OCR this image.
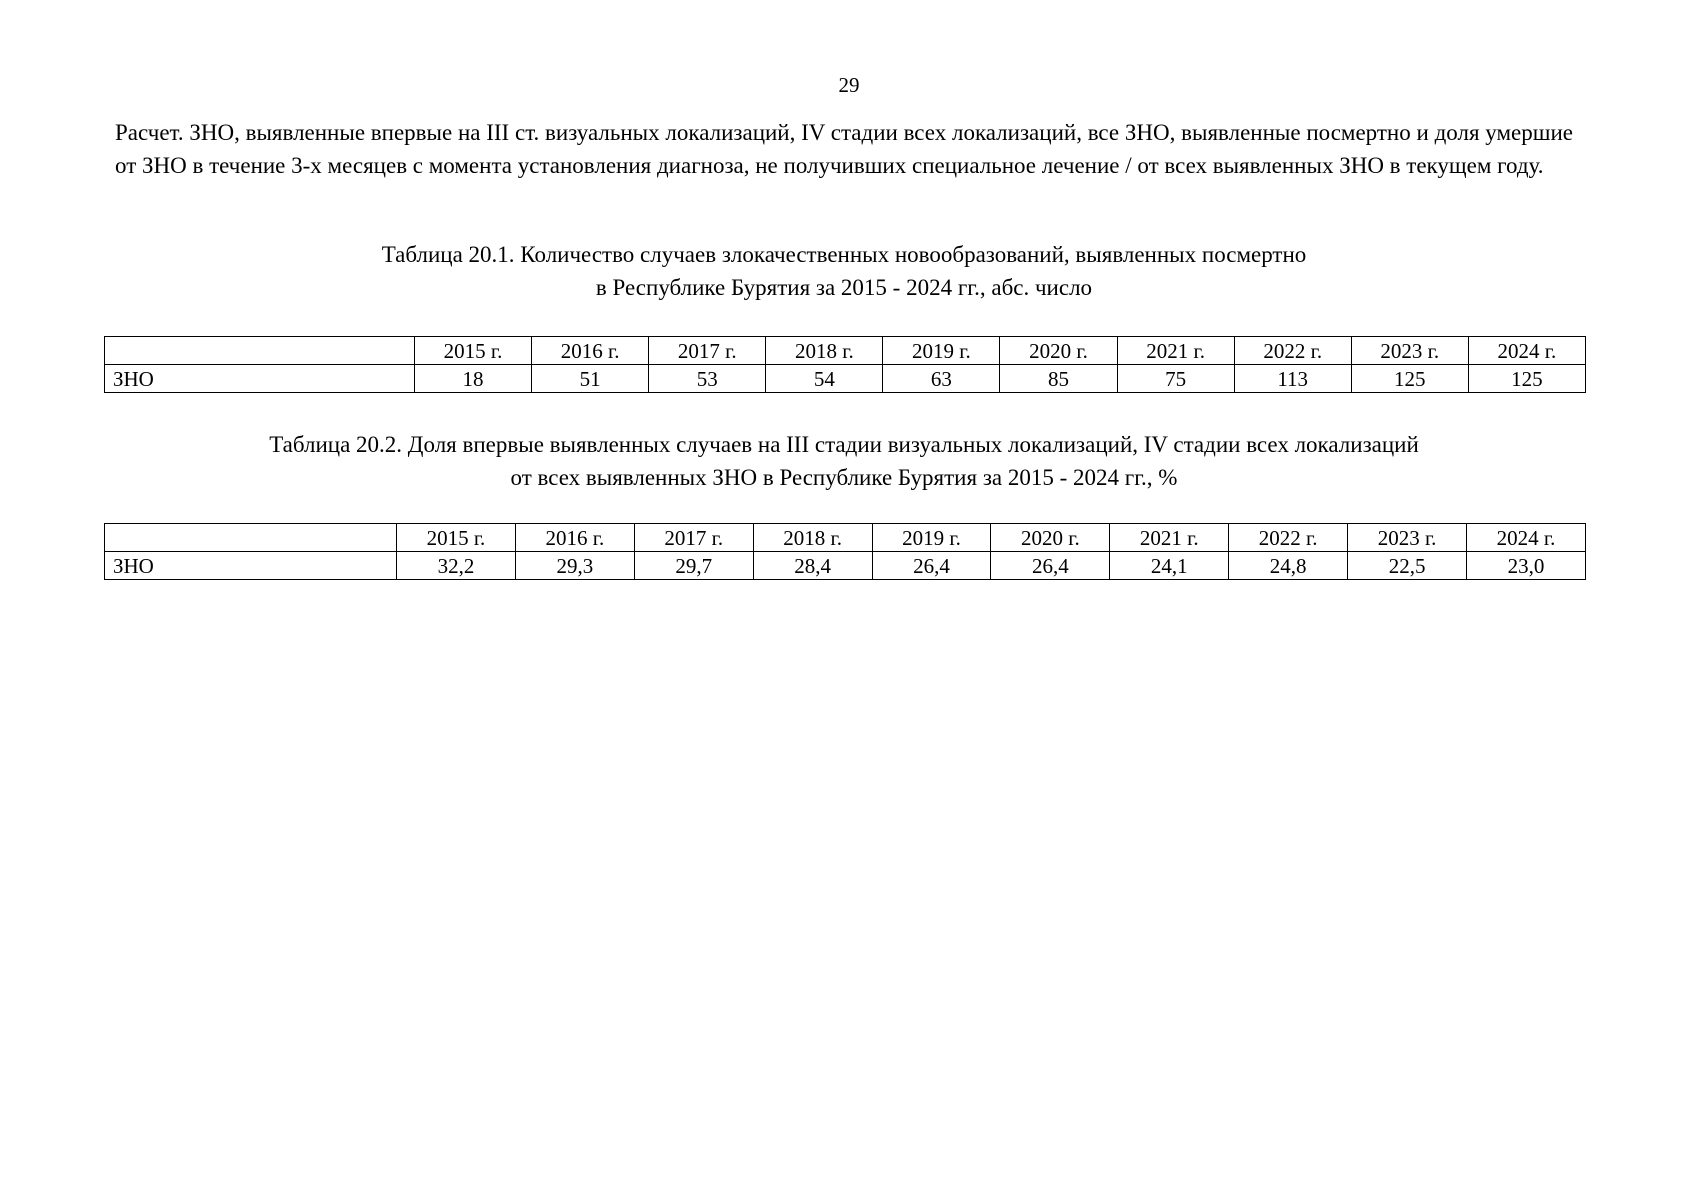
29

Расчет. ЗНО, выявленные впервые на III ст. визуальных локализаций, IV стадии всех локализаций, все ЗНО, выявленные посмертно и доля умершие от ЗНО в течение 3-х месяцев с момента установления диагноза, не получивших специальное лечение / от всех выявленных ЗНО в текущем году.

Таблица 20.1. Количество случаев злокачественных новообразований, выявленных посмертно
в Республике Бурятия за 2015 - 2024 гг., абс. число
	2015 г.	2016 г.	2017 г.	2018 г.	2019 г.	2020 г.	2021 г.	2022 г.	2023 г.	2024 г.
ЗНО	18	51	53	54	63	85	75	113	125	125
Таблица 20.2. Доля впервые выявленных случаев на III стадии визуальных локализаций, IV стадии всех локализаций
от всех выявленных ЗНО в Республике Бурятия за 2015 - 2024 гг., %
	2015 г.	2016 г.	2017 г.	2018 г.	2019 г.	2020 г.	2021 г.	2022 г.	2023 г.	2024 г.
ЗНО	32,2	29,3	29,7	28,4	26,4	26,4	24,1	24,8	22,5	23,0
